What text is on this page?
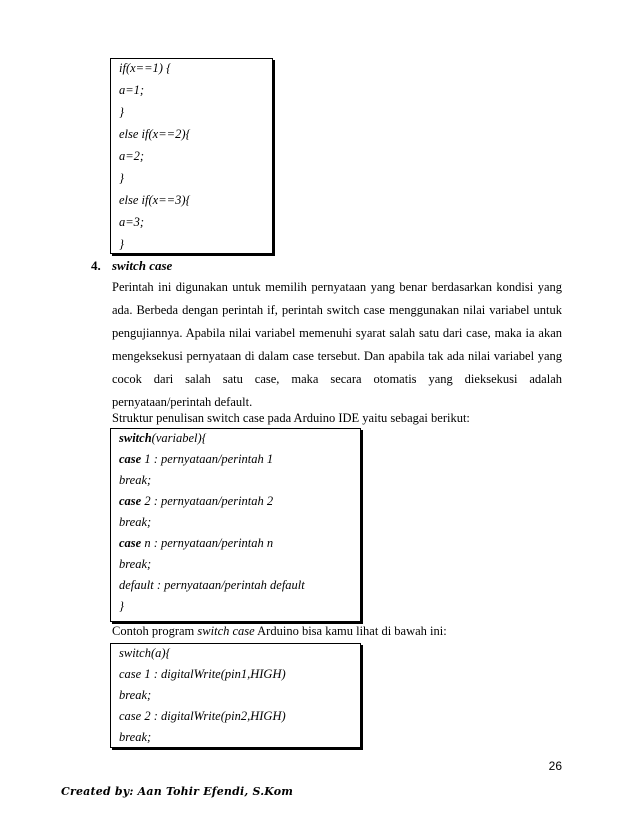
if(x==1) {
a=1;
}
else if(x==2){
a=2;
}
else if(x==3){
a=3;
}
4. switch case
Perintah ini digunakan untuk memilih pernyataan yang benar berdasarkan kondisi yang
ada. Berbeda dengan perintah if, perintah switch case menggunakan nilai variabel untuk
pengujiannya. Apabila nilai variabel memenuhi syarat salah satu dari case, maka ia akan
mengeksekusi pernyataan di dalam case tersebut. Dan apabila tak ada nilai variabel yang
cocok dari salah satu case, maka secara otomatis yang dieksekusi adalah
pernyataan/perintah default.
Struktur penulisan switch case pada Arduino IDE yaitu sebagai berikut:
switch(variabel){
case 1 : pernyataan/perintah 1
break;
case 2 : pernyataan/perintah 2
break;
case n : pernyataan/perintah n
break;
default : pernyataan/perintah default
}
Contoh program switch case Arduino bisa kamu lihat di bawah ini:
switch(a){
case 1 : digitalWrite(pin1,HIGH)
break;
case 2 : digitalWrite(pin2,HIGH)
break;
26
Created by: Aan Tohir Efendi, S.Kom
